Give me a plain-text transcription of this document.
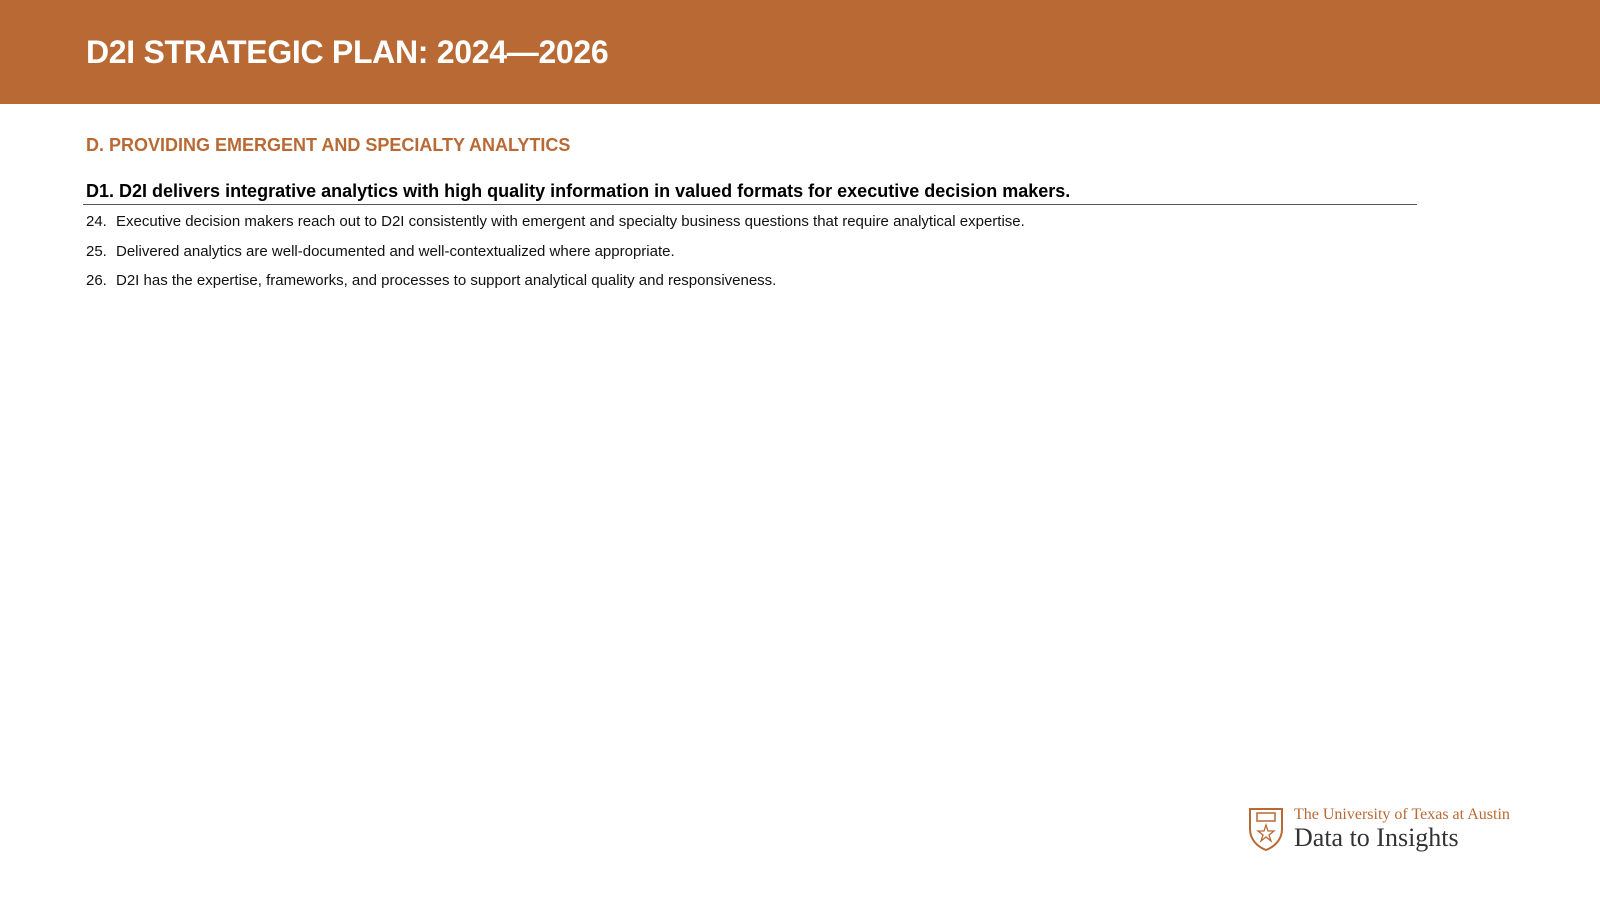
D2I STRATEGIC PLAN: 2024—2026
D. PROVIDING EMERGENT AND SPECIALTY ANALYTICS
D1. D2I delivers integrative analytics with high quality information in valued formats for executive decision makers.
24. Executive decision makers reach out to D2I consistently with emergent and specialty business questions that require analytical expertise.
25. Delivered analytics are well-documented and well-contextualized where appropriate.
26. D2I has the expertise, frameworks, and processes to support analytical quality and responsiveness.
The University of Texas at Austin
Data to Insights
